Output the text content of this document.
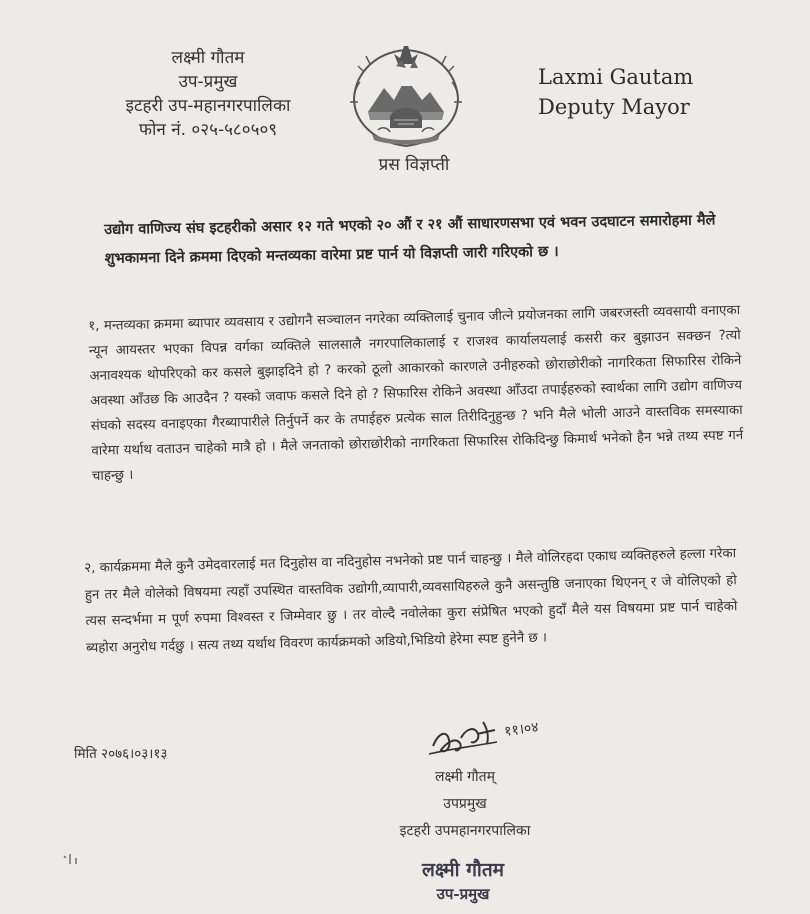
लक्ष्मी गौतम
उप-प्रमुख
इटहरी उप-महानगरपालिका
फोन नं. ०२५-५८०५०९
Laxmi Gautam
Deputy Mayor
प्रस विज्ञप्ती

उद्योग वाणिज्य संघ इटहरीको असार १२ गते भएको २० औं र २१ औं साधारणसभा एवं भवन उदघाटन समारोहमा मैले शुभकामना दिने क्रममा दिएको मन्तव्यका वारेमा प्रष्ट पार्न यो विज्ञप्ती जारी गरिएको छ ।

१, मन्तव्यका क्रममा ब्यापार व्यवसाय र उद्योगनै सञ्चालन नगरेका व्यक्तिलाई चुनाव जीत्ने प्रयोजनका लागि जबरजस्ती व्यवसायी वनाएका न्यून आयस्तर भएका विपन्न वर्गका व्यक्तिले सालसालै नगरपालिकालाई र राजश्व कार्यालयलाई कसरी कर बुझाउन सक्छन ?त्यो अनावश्यक थोपरिएको कर कसले बुझाइदिने हो ? करको ठूलो आकारको कारणले उनीहरुको छोराछोरीको नागरिकता सिफारिस रोकिने अवस्था आँउछ कि आउदैन ? यस्को जवाफ कसले दिने हो ? सिफारिस रोकिने अवस्था आँउदा तपाईहरुको स्वार्थका लागि उद्योग वाणिज्य संघको सदस्य वनाइएका गैरब्यापारीले तिर्नुपर्ने कर के तपाईहरु प्रत्येक साल तिरीदिनुहुन्छ ? भनि मैले भोली आउने वास्तविक समस्याका वारेमा यर्थाथ वताउन चाहेको मात्रै हो । मैले जनताको छोराछोरीको नागरिकता सिफारिस रोकिदिन्छु किमार्थ भनेको हैन भन्ने तथ्य स्पष्ट गर्न चाहन्छु ।

२, कार्यक्रममा मैले कुनै उमेदवारलाई मत दिनुहोस वा नदिनुहोस नभनेको प्रष्ट पार्न चाहन्छु । मैले वोलिरहदा एकाध व्यक्तिहरुले हल्ला गरेका हुन तर मैले वोलेको विषयमा त्यहाँ उपस्थित वास्तविक उद्योगी,व्यापारी,व्यवसायिहरुले कुनै असन्तुष्ठि जनाएका थिएनन् र जे वोलिएको हो त्यस सन्दर्भमा म पूर्ण रुपमा विश्वस्त र जिम्मेवार छु । तर वोल्दै नवोलेका कुरा संप्रेषित भएको हुदाँ मैले यस विषयमा प्रष्ट पार्न चाहेको ब्यहोरा अनुरोध गर्दछु । सत्य तथ्य यर्थाथ विवरण कार्यक्रमको अडियो,भिडियो हेरेमा स्पष्ट हुनेनै छ ।

मिति २०७६।०३।१३
११।०४
लक्ष्मी गौतम्
उपप्रमुख
इटहरी उपमहानगरपालिका
लक्ष्मी गौतम
उप-प्रमुख
